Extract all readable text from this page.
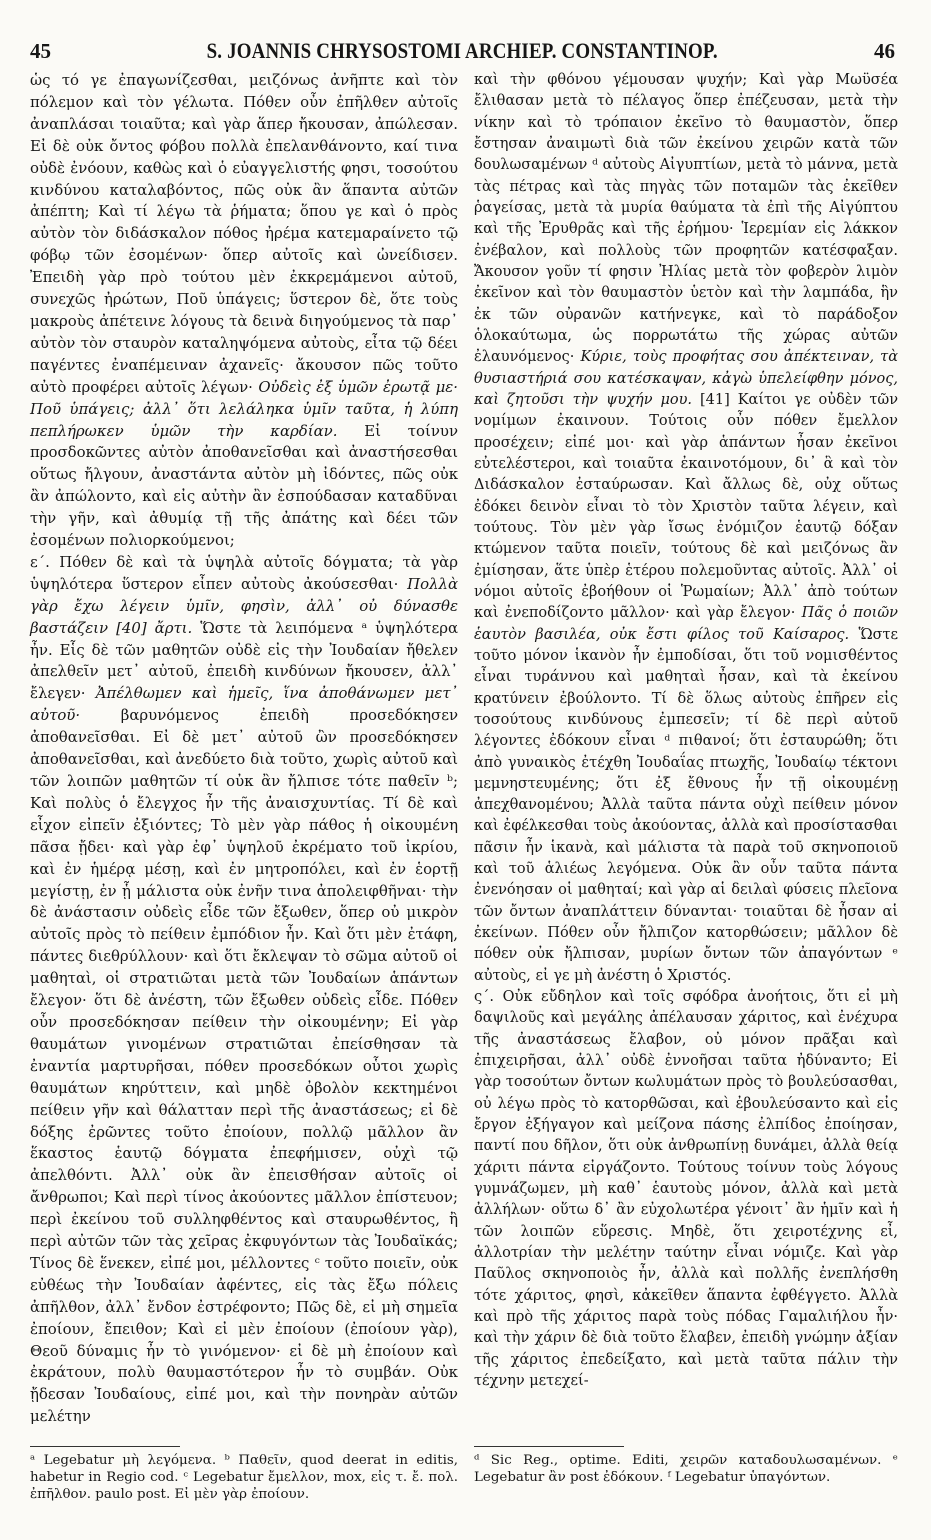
45	S. JOANNIS CHRYSOSTOMI ARCHIEP. CONSTANTINOP.	46

ὡς τό γε ἐπαγωνίζεσθαι, μειζόνως ἀνῆπτε καὶ τὸν πόλεμον καὶ τὸν γέλωτα. Πόθεν οὖν ἐπῆλθεν αὐτοῖς ἀναπλάσαι τοιαῦτα; καὶ γὰρ ἅπερ ἤκουσαν, ἀπώλεσαν. Εἰ δὲ οὐκ ὄντος φόβου πολλὰ ἐπελανθάνοντο, καί τινα οὐδὲ ἐνόουν, καθὼς καὶ ὁ εὐαγγελιστής φησι, τοσούτου κινδύνου καταλαβόντος, πῶς οὐκ ἂν ἅπαντα αὐτῶν ἀπέπτη; Καὶ τί λέγω τὰ ῥήματα; ὅπου γε καὶ ὁ πρὸς αὐτὸν τὸν διδάσκαλον πόθος ἠρέμα κατεμαραίνετο τῷ φόβῳ τῶν ἐσομένων· ὅπερ αὐτοῖς καὶ ὠνείδισεν. Ἐπειδὴ γὰρ πρὸ τούτου μὲν ἐκκρεμάμενοι αὐτοῦ, συνεχῶς ἠρώτων, Ποῦ ὑπάγεις; ὕστερον δὲ, ὅτε τοὺς μακροὺς ἀπέτεινε λόγους τὰ δεινὰ διηγούμενος τὰ παρ᾽ αὐτὸν τὸν σταυρὸν καταληψόμενα αὐτοὺς, εἶτα τῷ δέει παγέντες ἐναπέμειναν ἀχανεῖς· ἄκουσον πῶς τοῦτο αὐτὸ προφέρει αὐτοῖς λέγων· Οὐδεὶς ἐξ ὑμῶν ἐρωτᾷ με· Ποῦ ὑπάγεις; ἀλλ᾽ ὅτι λελάληκα ὑμῖν ταῦτα, ἡ λύπη πεπλήρωκεν ὑμῶν τὴν καρδίαν. Εἰ τοίνυν προσδοκῶντες αὐτὸν ἀποθανεῖσθαι καὶ ἀναστήσεσθαι οὕτως ἤλγουν, ἀναστάντα αὐτὸν μὴ ἰδόντες, πῶς οὐκ ἂν ἀπώλοντο, καὶ εἰς αὐτὴν ἂν ἐσπούδασαν καταδῦναι τὴν γῆν, καὶ ἀθυμίᾳ τῇ τῆς ἀπάτης καὶ δέει τῶν ἐσομένων πολιορκούμενοι;

ε΄. Πόθεν δὲ καὶ τὰ ὑψηλὰ αὐτοῖς δόγματα; τὰ γὰρ ὑψηλότερα ὕστερον εἶπεν αὐτοὺς ἀκούσεσθαι· Πολλὰ γὰρ ἔχω λέγειν ὑμῖν, φησὶν, ἀλλ᾽ οὐ δύνασθε βαστάζειν [40] ἄρτι. Ὥστε τὰ λειπόμενα ᵃ ὑψηλότερα ἦν. Εἷς δὲ τῶν μαθητῶν οὐδὲ εἰς τὴν Ἰουδαίαν ἤθελεν ἀπελθεῖν μετ᾽ αὐτοῦ, ἐπειδὴ κινδύνων ἤκουσεν, ἀλλ᾽ ἔλεγεν· Ἀπέλθωμεν καὶ ἡμεῖς, ἵνα ἀποθάνωμεν μετ᾽ αὐτοῦ·	βαρυνόμενος ἐπειδὴ προσεδόκησεν ἀποθανεῖσθαι. Εἰ δὲ μετ᾽ αὐτοῦ ὢν προσεδόκησεν ἀποθανεῖσθαι, καὶ ἀνεδύετο διὰ τοῦτο, χωρὶς αὐτοῦ καὶ τῶν λοιπῶν μαθητῶν τί οὐκ ἂν ἤλπισε τότε παθεῖν ᵇ; Καὶ πολὺς ὁ ἔλεγχος ἦν τῆς ἀναισχυντίας. Τί δὲ καὶ εἶχον εἰπεῖν ἐξιόντες; Τὸ μὲν γὰρ πάθος ἡ οἰκουμένη πᾶσα ᾔδει· καὶ γὰρ ἐφ᾽ ὑψηλοῦ ἐκρέματο τοῦ ἰκρίου, καὶ ἐν ἡμέρᾳ μέσῃ, καὶ ἐν μητροπόλει, καὶ ἐν ἑορτῇ μεγίστῃ, ἐν ᾗ μάλιστα οὐκ ἐνῆν τινα ἀπολειφθῆναι· τὴν δὲ ἀνάστασιν οὐδεὶς εἶδε τῶν ἔξωθεν, ὅπερ οὐ μικρὸν αὐτοῖς πρὸς τὸ πείθειν ἐμπόδιον ἦν. Καὶ ὅτι μὲν ἐτάφη, πάντες διεθρύλλουν· καὶ ὅτι ἔκλεψαν τὸ σῶμα αὐτοῦ οἱ μαθηταὶ, οἱ στρατιῶται μετὰ τῶν Ἰουδαίων ἁπάντων ἔλεγον· ὅτι δὲ ἀνέστη, τῶν ἔξωθεν οὐδεὶς εἶδε. Πόθεν οὖν προσεδόκησαν πείθειν τὴν οἰκουμένην; Εἰ γὰρ θαυμάτων γινομένων στρατιῶται ἐπείσθησαν τὰ ἐναντία μαρτυρῆσαι, πόθεν προσεδόκων οὗτοι χωρὶς θαυμάτων κηρύττειν, καὶ μηδὲ ὀβολὸν κεκτημένοι πείθειν γῆν καὶ θάλατταν περὶ τῆς ἀναστάσεως; εἰ δὲ δόξης ἐρῶντες τοῦτο ἐποίουν, πολλῷ μᾶλλον ἂν ἕκαστος ἑαυτῷ δόγματα ἐπεφήμισεν, οὐχὶ τῷ ἀπελθόντι. Ἀλλ᾽ οὐκ ἂν ἐπεισθήσαν αὐτοῖς οἱ ἄνθρωποι; Καὶ περὶ τίνος ἀκούοντες μᾶλλον ἐπίστευον; περὶ ἐκείνου τοῦ συλληφθέντος καὶ σταυρωθέντος, ἢ περὶ αὐτῶν τῶν τὰς χεῖρας ἐκφυγόντων τὰς Ἰουδαϊκάς; Τίνος δὲ ἕνεκεν, εἰπέ μοι, μέλλοντες ᶜ τοῦτο ποιεῖν, οὐκ εὐθέως τὴν Ἰουδαίαν ἀφέντες, εἰς τὰς ἔξω πόλεις ἀπῆλθον, ἀλλ᾽ ἔνδον ἐστρέφοντο; Πῶς δὲ, εἰ μὴ σημεῖα ἐποίουν, ἔπειθον; Καὶ εἰ μὲν ἐποίουν (ἐποίουν γὰρ), Θεοῦ δύναμις ἦν τὸ γινόμενον· εἰ δὲ μὴ ἐποίουν καὶ ἐκράτουν, πολὺ θαυμαστότερον ἦν τὸ συμβάν. Οὐκ ᾔδεσαν Ἰουδαίους, εἰπέ μοι, καὶ τὴν πονηρὰν αὐτῶν μελέτην

καὶ τὴν φθόνου γέμουσαν ψυχήν; Καὶ γὰρ Μωϋσέα ἔλιθασαν μετὰ τὸ πέλαγος ὅπερ ἐπέζευσαν, μετὰ τὴν νίκην καὶ τὸ τρόπαιον ἐκεῖνο τὸ θαυμαστὸν, ὅπερ ἔστησαν ἀναιμωτὶ διὰ τῶν ἐκείνου χειρῶν κατὰ τῶν δουλωσαμένων ᵈ αὐτοὺς Αἰγυπτίων, μετὰ τὸ μάννα, μετὰ τὰς πέτρας καὶ τὰς πηγὰς τῶν ποταμῶν τὰς ἐκεῖθεν ῥαγείσας, μετὰ τὰ μυρία θαύματα τὰ ἐπὶ τῆς Αἰγύπτου καὶ τῆς Ἐρυθρᾶς καὶ τῆς ἐρήμου· Ἱερεμίαν εἰς λάκκον ἐνέβαλον, καὶ πολλοὺς τῶν προφητῶν κατέσφαξαν. Ἄκουσον γοῦν τί φησιν Ἠλίας μετὰ τὸν φοβερὸν λιμὸν ἐκεῖνον καὶ τὸν θαυμαστὸν ὑετὸν καὶ τὴν λαμπάδα, ἣν ἐκ τῶν οὐρανῶν κατήνεγκε, καὶ τὸ παράδοξον ὁλοκαύτωμα, ὡς πορρωτάτω τῆς χώρας αὐτῶν ἐλαυνόμενος· Κύριε, τοὺς προφήτας σου ἀπέκτειναν, τὰ θυσιαστήριά σου κατέσκαψαν, κἀγὼ ὑπελείφθην μόνος, καὶ ζητοῦσι τὴν ψυχήν μου. [41] Καίτοι γε οὐδὲν τῶν νομίμων ἐκαινουν. Τούτοις οὖν πόθεν ἔμελλον προσέχειν; εἰπέ μοι· καὶ γὰρ ἁπάντων ἦσαν ἐκεῖνοι εὐτελέστεροι, καὶ τοιαῦτα ἐκαινοτόμουν, δι᾽ ἃ καὶ τὸν Διδάσκαλον ἐσταύρωσαν. Καὶ ἄλλως δὲ, οὐχ οὕτως ἐδόκει δεινὸν εἶναι τὸ τὸν Χριστὸν ταῦτα λέγειν, καὶ τούτους. Τὸν μὲν γὰρ ἴσως ἐνόμιζον ἑαυτῷ δόξαν κτώμενον ταῦτα ποιεῖν, τούτους δὲ καὶ μειζόνως ἂν ἐμίσησαν, ἅτε ὑπὲρ ἑτέρου πολεμοῦντας αὐτοῖς. Ἀλλ᾽ οἱ νόμοι αὐτοῖς ἐβοήθουν οἱ Ῥωμαίων; Ἀλλ᾽ ἀπὸ τούτων καὶ ἐνεποδίζοντο μᾶλλον· καὶ γὰρ ἔλεγον· Πᾶς ὁ ποιῶν ἑαυτὸν βασιλέα, οὐκ ἔστι φίλος τοῦ Καίσαρος. Ὥστε τοῦτο μόνον ἱκανὸν ἦν ἐμποδίσαι, ὅτι τοῦ νομισθέντος εἶναι τυράννου καὶ μαθηταὶ ἦσαν, καὶ τὰ ἐκείνου κρατύνειν ἐβούλοντο. Τί δὲ ὅλως αὐτοὺς ἐπῆρεν εἰς τοσούτους κινδύνους ἐμπεσεῖν; τί δὲ περὶ αὐτοῦ λέγοντες ἐδόκουν εἶναι ᵈ πιθανοί; ὅτι ἐσταυρώθη; ὅτι ἀπὸ γυναικὸς ἐτέχθη Ἰουδαΐας πτωχῆς, Ἰουδαίῳ τέκτονι μεμνηστευμένης; ὅτι ἐξ ἔθνους ἦν τῇ οἰκουμένῃ ἀπεχθανομένου; Ἀλλὰ ταῦτα πάντα οὐχὶ πείθειν μόνον καὶ ἐφέλκεσθαι τοὺς ἀκούοντας, ἀλλὰ καὶ προσίστασθαι πᾶσιν ἦν ἱκανὰ, καὶ μάλιστα τὰ παρὰ τοῦ σκηνοποιοῦ καὶ τοῦ ἁλιέως λεγόμενα. Οὐκ ἂν οὖν ταῦτα πάντα ἐνενόησαν οἱ μαθηταί; καὶ γὰρ αἱ δειλαὶ φύσεις πλεῖονα τῶν ὄντων ἀναπλάττειν δύνανται· τοιαῦται δὲ ἦσαν αἱ ἐκείνων. Πόθεν οὖν ἤλπιζον κατορθώσειν; μᾶλλον δὲ πόθεν οὐκ ἤλπισαν, μυρίων ὄντων τῶν ἀπαγόντων ᵉ αὐτοὺς, εἰ γε μὴ ἀνέστη ὁ Χριστός.

ς΄. Οὐκ εὔδηλον καὶ τοῖς σφόδρα ἀνοήτοις, ὅτι εἰ μὴ δαψιλοῦς καὶ μεγάλης ἀπέλαυσαν χάριτος, καὶ ἐνέχυρα τῆς ἀναστάσεως ἔλαβον, οὐ μόνον πρᾶξαι καὶ ἐπιχειρῆσαι, ἀλλ᾽ οὐδὲ ἐννοῆσαι ταῦτα ἠδύναντο; Εἰ γὰρ τοσούτων ὄντων κωλυμάτων πρὸς τὸ βουλεύσασθαι, οὐ λέγω πρὸς τὸ κατορθῶσαι, καὶ ἐβουλεύσαντο καὶ εἰς ἔργον ἐξήγαγον καὶ μείζονα πάσης ἐλπίδος ἐποίησαν, παντί που δῆλον, ὅτι οὐκ ἀνθρωπίνῃ δυνάμει, ἀλλὰ θείᾳ χάριτι πάντα εἰργάζοντο. Τούτους τοίνυν τοὺς λόγους γυμνάζωμεν, μὴ καθ᾽ ἑαυτοὺς μόνον, ἀλλὰ καὶ μετὰ ἀλλήλων· οὕτω δ᾽ ἂν εὐχολωτέρα γένοιτ᾽ ἂν ἡμῖν καὶ ἡ τῶν λοιπῶν εὕρεσις. Μηδὲ, ὅτι χειροτέχνης εἶ, ἀλλοτρίαν τὴν μελέτην ταύτην εἶναι νόμιζε. Καὶ γὰρ Παῦλος σκηνοποιὸς ἦν, ἀλλὰ καὶ πολλῆς ἐνεπλήσθη τότε χάριτος, φησὶ, κἀκεῖθεν ἅπαντα ἐφθέγγετο. Ἀλλὰ καὶ πρὸ τῆς χάριτος παρὰ τοὺς πόδας Γαμαλιήλου ἦν· καὶ τὴν χάριν δὲ διὰ τοῦτο ἔλαβεν, ἐπειδὴ γνώμην ἀξίαν τῆς χάριτος ἐπεδείξατο, καὶ μετὰ ταῦτα πάλιν τὴν τέχνην μετεχεί-

ᵃ Legebatur μὴ λεγόμενα. ᵇ Παθεῖν, quod deerat in editis, habetur in Regio cod. ᶜ Legebatur ἔμελλον, mox, εἰς τ. ἔ. πολ. ἐπῆλθον. paulo post. Εἰ μὲν γὰρ ἐποίουν.

ᵈ Sic Reg., optime. Editi, χειρῶν καταδουλωσαμένων. ᵉ Legebatur ἂν post ἐδόκουν. ᶠ Legebatur ὑπαγόντων.
